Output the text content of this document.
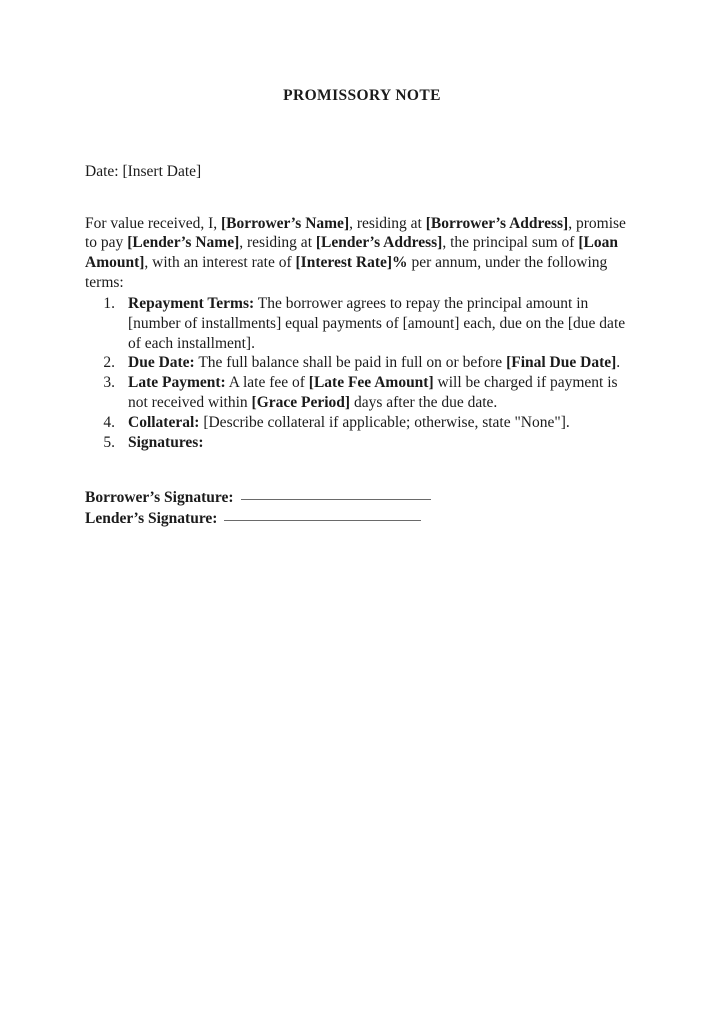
PROMISSORY NOTE
Date: [Insert Date]

For value received, I, [Borrower’s Name], residing at [Borrower’s Address], promise to pay [Lender’s Name], residing at [Lender’s Address], the principal sum of [Loan Amount], with an interest rate of [Interest Rate]% per annum, under the following terms:

1. Repayment Terms: The borrower agrees to repay the principal amount in [number of installments] equal payments of [amount] each, due on the [due date of each installment].
2. Due Date: The full balance shall be paid in full on or before [Final Due Date].
3. Late Payment: A late fee of [Late Fee Amount] will be charged if payment is not received within [Grace Period] days after the due date.
4. Collateral: [Describe collateral if applicable; otherwise, state "None"].
5. Signatures:
Borrower’s Signature:
Lender’s Signature:
